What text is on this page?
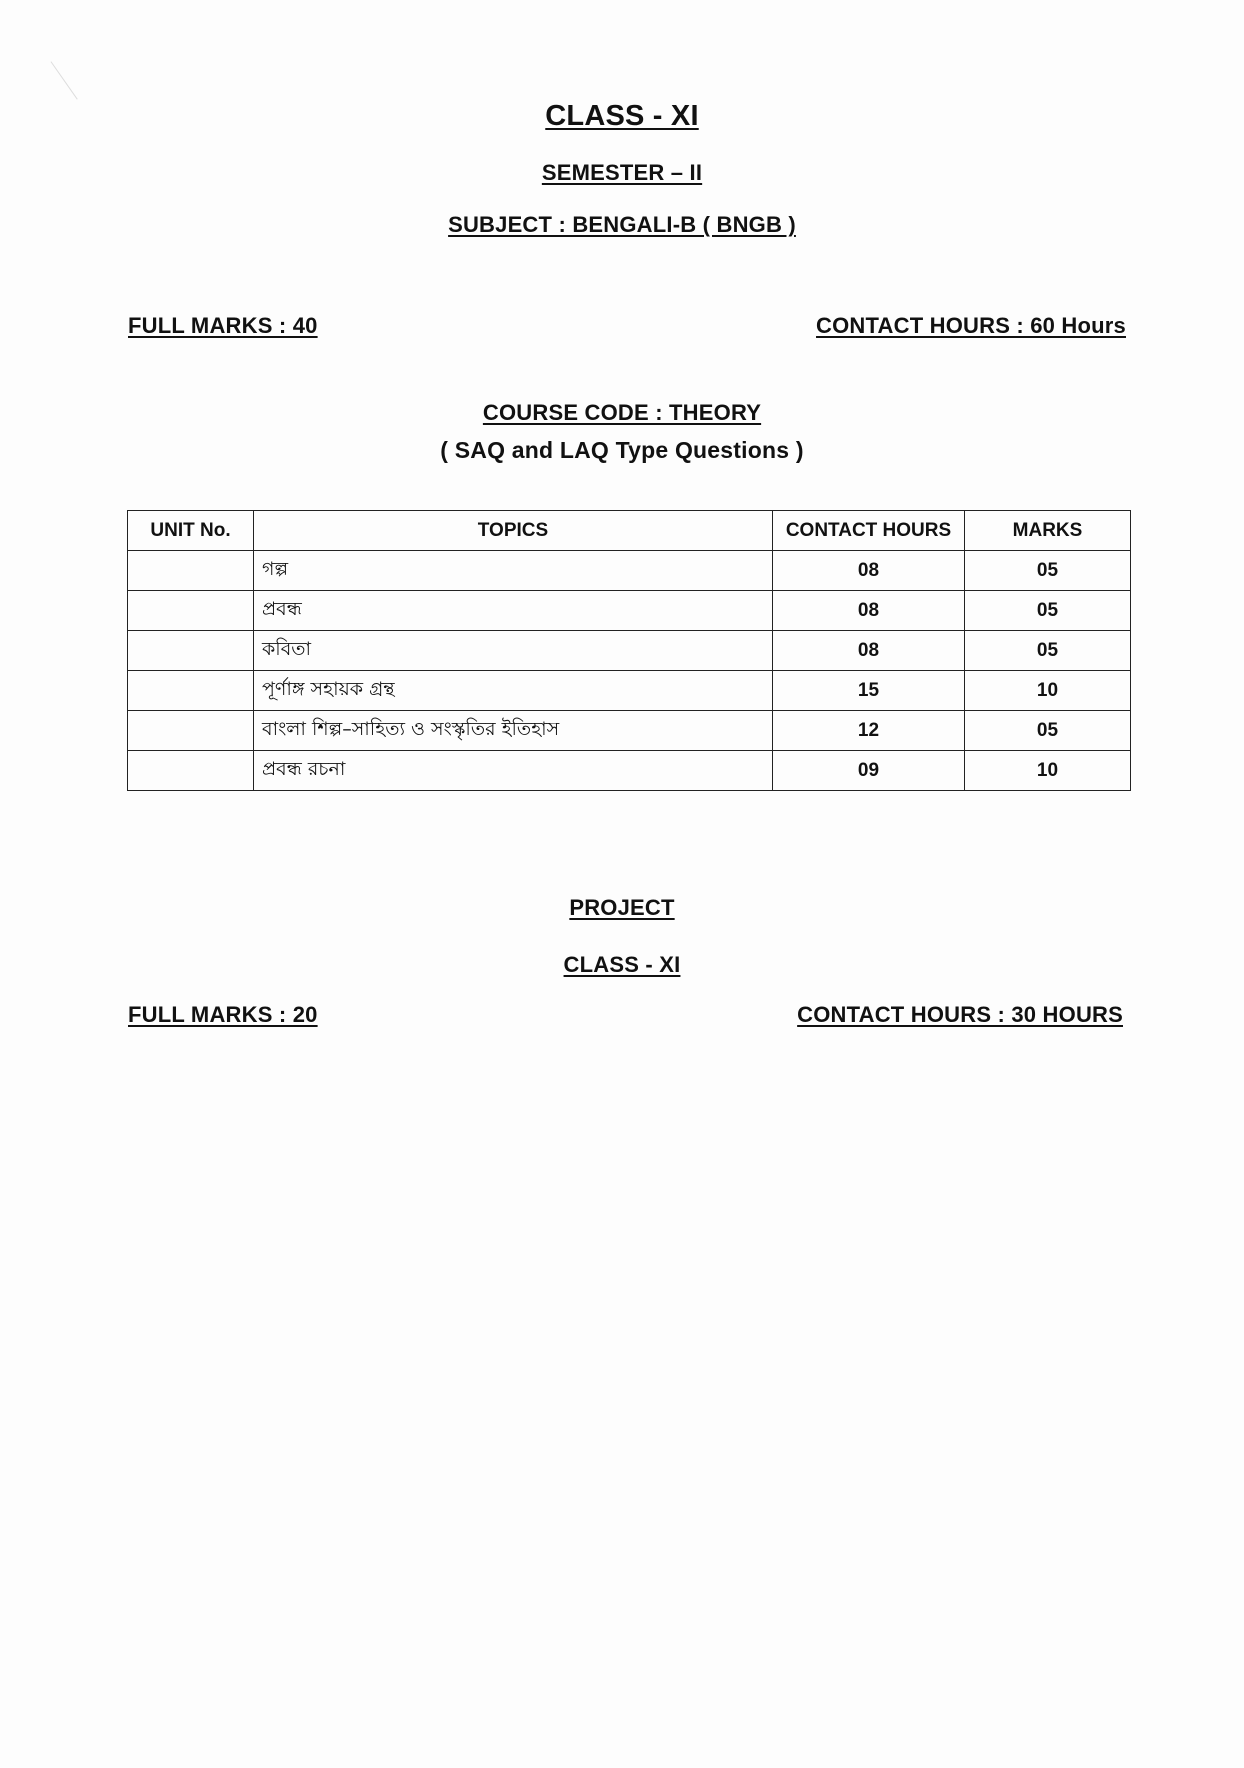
CLASS - XI
SEMESTER – II
SUBJECT : BENGALI-B ( BNGB )
FULL MARKS : 40	CONTACT HOURS : 60 Hours
COURSE CODE : THEORY
( SAQ and LAQ Type Questions )
UNIT No.	TOPICS	CONTACT HOURS	MARKS
	গল্প	08	05
	প্রবন্ধ	08	05
	কবিতা	08	05
	পূর্ণাঙ্গ সহায়ক গ্রন্থ	15	10
	বাংলা শিল্প–সাহিত্য ও সংস্কৃতির ইতিহাস	12	05
	প্রবন্ধ রচনা	09	10
PROJECT
CLASS - XI
FULL MARKS : 20	CONTACT HOURS : 30 HOURS
